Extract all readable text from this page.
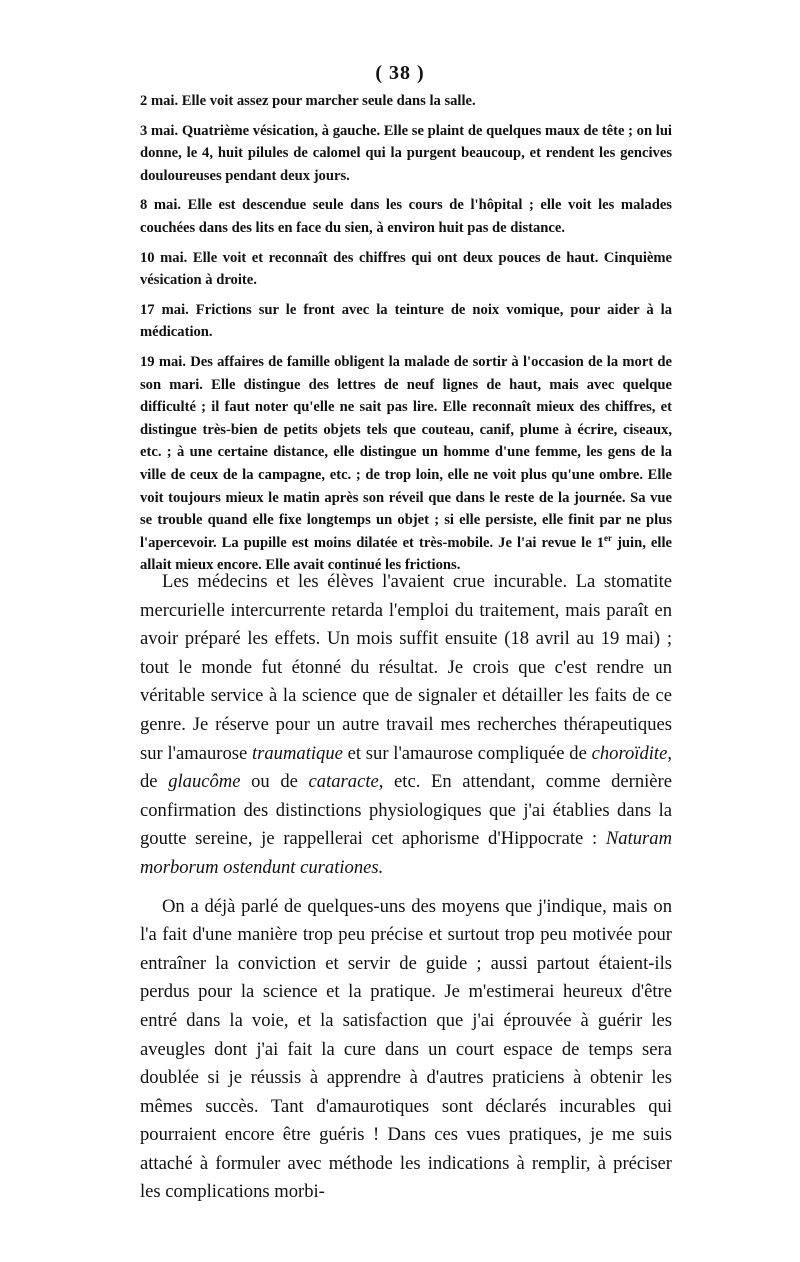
( 38 )

2 mai. Elle voit assez pour marcher seule dans la salle.

3 mai. Quatrième vésication, à gauche. Elle se plaint de quelques maux de tête ; on lui donne, le 4, huit pilules de calomel qui la purgent beaucoup, et rendent les gencives douloureuses pendant deux jours.

8 mai. Elle est descendue seule dans les cours de l'hôpital ; elle voit les malades couchées dans des lits en face du sien, à environ huit pas de distance.

10 mai. Elle voit et reconnaît des chiffres qui ont deux pouces de haut. Cinquième vésication à droite.

17 mai. Frictions sur le front avec la teinture de noix vomique, pour aider à la médication.

19 mai. Des affaires de famille obligent la malade de sortir à l'occasion de la mort de son mari. Elle distingue des lettres de neuf lignes de haut, mais avec quelque difficulté ; il faut noter qu'elle ne sait pas lire. Elle reconnaît mieux des chiffres, et distingue très-bien de petits objets tels que couteau, canif, plume à écrire, ciseaux, etc. ; à une certaine distance, elle distingue un homme d'une femme, les gens de la ville de ceux de la campagne, etc. ; de trop loin, elle ne voit plus qu'une ombre. Elle voit toujours mieux le matin après son réveil que dans le reste de la journée. Sa vue se trouble quand elle fixe longtemps un objet ; si elle persiste, elle finit par ne plus l'apercevoir. La pupille est moins dilatée et très-mobile. Je l'ai revue le 1er juin, elle allait mieux encore. Elle avait continué les frictions.

Les médecins et les élèves l'avaient crue incurable. La stomatite mercurielle intercurrente retarda l'emploi du traitement, mais paraît en avoir préparé les effets. Un mois suffit ensuite (18 avril au 19 mai) ; tout le monde fut étonné du résultat. Je crois que c'est rendre un véritable service à la science que de signaler et détailler les faits de ce genre. Je réserve pour un autre travail mes recherches thérapeutiques sur l'amaurose traumatique et sur l'amaurose compliquée de choroïdite, de glaucôme ou de cataracte, etc. En attendant, comme dernière confirmation des distinctions physiologiques que j'ai établies dans la goutte sereine, je rappellerai cet aphorisme d'Hippocrate : Naturam morborum ostendunt curationes.

On a déjà parlé de quelques-uns des moyens que j'indique, mais on l'a fait d'une manière trop peu précise et surtout trop peu motivée pour entraîner la conviction et servir de guide ; aussi partout étaient-ils perdus pour la science et la pratique. Je m'estimerai heureux d'être entré dans la voie, et la satisfaction que j'ai éprouvée à guérir les aveugles dont j'ai fait la cure dans un court espace de temps sera doublée si je réussis à apprendre à d'autres praticiens à obtenir les mêmes succès. Tant d'amaurotiques sont déclarés incurables qui pourraient encore être guéris ! Dans ces vues pratiques, je me suis attaché à formuler avec méthode les indications à remplir, à préciser les complications morbi-
